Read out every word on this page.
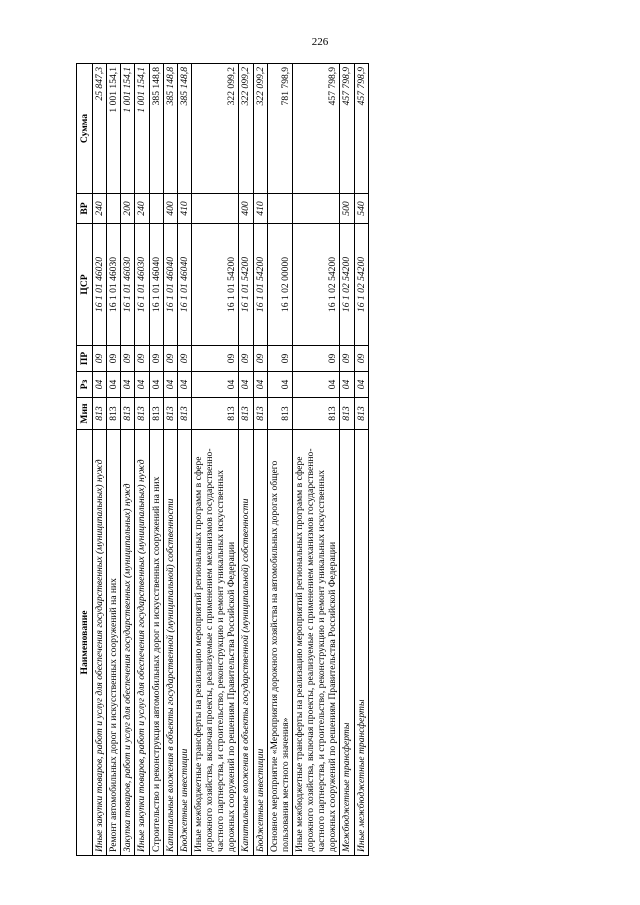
226
Наименование	Мин	Рз	ПР	ЦСР	ВР	Сумма
Иные закупки товаров, работ и услуг для обеспечения государственных (муниципальных) нужд	813	04	09	16 1 01 46020	240	25 847,3
Ремонт автомобильных дорог и искусственных сооружений на них	813	04	09	16 1 01 46030		1 001 154,1
Закупка товаров, работ и услуг для обеспечения государственных (муниципальных) нужд	813	04	09	16 1 01 46030	200	1 001 154,1
Иные закупки товаров, работ и услуг для обеспечения государственных (муниципальных) нужд	813	04	09	16 1 01 46030	240	1 001 154,1
Строительство и реконструкция автомобильных дорог и искусственных сооружений на них	813	04	09	16 1 01 46040		385 148,8
Капитальные вложения в объекты государственной (муниципальной) собственности	813	04	09	16 1 01 46040	400	385 148,8
Бюджетные инвестиции	813	04	09	16 1 01 46040	410	385 148,8
Иные межбюджетные трансферты на реализацию мероприятий региональных программ в сфере дорожного хозяйства, включая проекты, реализуемые с применением механизмов государственно-частного партнерства, и строительство, реконструкцию и ремонт уникальных искусственных дорожных сооружений по решениям Правительства Российской Федерации	813	04	09	16 1 01 54200		322 099,2
Капитальные вложения в объекты государственной (муниципальной) собственности	813	04	09	16 1 01 54200	400	322 099,2
Бюджетные инвестиции	813	04	09	16 1 01 54200	410	322 099,2
Основное мероприятие «Мероприятия дорожного хозяйства на автомобильных дорогах общего пользования местного значения»	813	04	09	16 1 02 00000		781 798,9
Иные межбюджетные трансферты на реализацию мероприятий региональных программ в сфере дорожного хозяйства, включая проекты, реализуемые с применением механизмов государственно-частного партнерства, и строительство, реконструкцию и ремонт уникальных искусственных дорожных сооружений по решениям Правительства Российской Федерации	813	04	09	16 1 02 54200		457 798,9
Межбюджетные трансферты	813	04	09	16 1 02 54200	500	457 798,9
Иные межбюджетные трансферты	813	04	09	16 1 02 54200	540	457 798,9
